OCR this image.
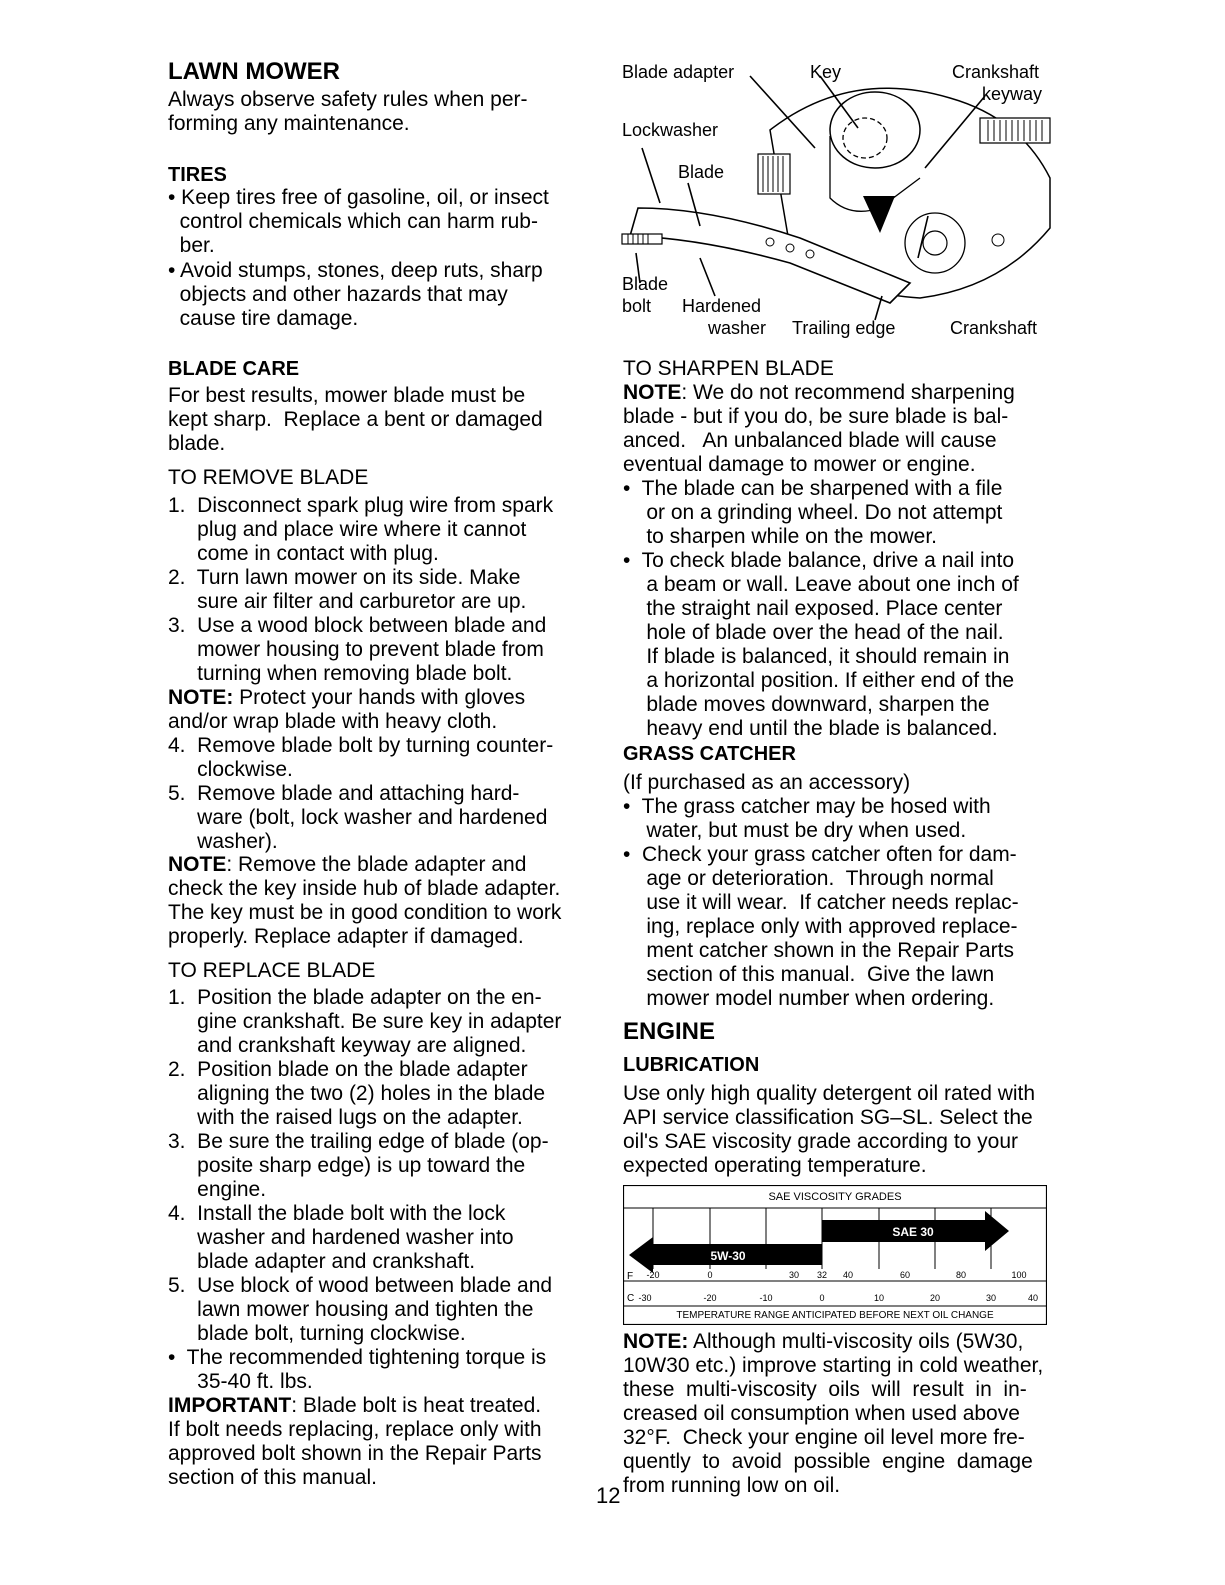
LAWN MOWER
Always observe safety rules when per-
forming any maintenance.
TIRES
• Keep tires free of gasoline, oil, or insect
control chemicals which can harm rub-
ber.
• Avoid stumps, stones, deep ruts, sharp
objects and other hazards that may
cause tire damage.
BLADE CARE
For best results, mower blade must be
kept sharp.  Replace a bent or damaged
blade.
TO REMOVE BLADE
1.  Disconnect spark plug wire from spark
plug and place wire where it cannot
come in contact with plug.
2.  Turn lawn mower on its side. Make
sure air filter and carburetor are up.
3.  Use a wood block between blade and
mower housing to prevent blade from
turning when removing blade bolt.
NOTE: Protect your hands with gloves
and/or wrap blade with heavy cloth.
4.  Remove blade bolt by turning counter-
clockwise.
5.  Remove blade and attaching hard-
ware (bolt, lock washer and hardened
washer).
NOTE: Remove the blade adapter and
check the key inside hub of blade adapter.
The key must be in good condition to work
properly. Replace adapter if damaged.
TO REPLACE BLADE
1.  Position the blade adapter on the en-
gine crankshaft. Be sure key in adapter
and crankshaft keyway are aligned.
2.  Position blade on the blade adapter
aligning the two (2) holes in the blade
with the raised lugs on the adapter.
3.  Be sure the trailing edge of blade (op-
posite sharp edge) is up toward the
engine.
4.  Install the blade bolt with the lock
washer and hardened washer into
blade adapter and crankshaft.
5.  Use block of wood between blade and
lawn mower housing and tighten the
blade bolt, turning clockwise.
•  The recommended tightening torque is
35-40 ft. lbs.
IMPORTANT: Blade bolt is heat treated.
If bolt needs replacing, replace only with
approved bolt shown in the Repair Parts
section of this manual.
Blade adapter	Key	Crankshaft
keyway
Lockwasher
Blade
Blade
bolt Hardened
washer Trailing edge	Crankshaft
TO SHARPEN BLADE
NOTE: We do not recommend sharpening
blade - but if you do, be sure blade is bal-
anced.   An unbalanced blade will cause
eventual damage to mower or engine.
•  The blade can be sharpened with a file
or on a grinding wheel. Do not attempt
to sharpen while on the mower.
•  To check blade balance, drive a nail into
a beam or wall. Leave about one inch of
the straight nail exposed. Place center
hole of blade over the head of the nail.
If blade is balanced, it should remain in
a horizontal position. If either end of the
blade moves downward, sharpen the
heavy end until the blade is balanced.
GRASS CATCHER
(If purchased as an accessory)
•  The grass catcher may be hosed with
water, but must be dry when used.
•  Check your grass catcher often for dam-
age or deterioration.  Through normal
use it will wear.  If catcher needs replac-
ing, replace only with approved replace-
ment catcher shown in the Repair Parts
section of this manual.  Give the lawn
mower model number when ordering.
ENGINE
LUBRICATION
Use only high quality detergent oil rated with
API service classification SG–SL. Select the
oil's SAE viscosity grade according to your
expected operating temperature.
NOTE: Although multi-viscosity oils (5W30,
10W30 etc.) improve starting in cold weather,
these  multi-viscosity  oils  will  result  in  in-
creased oil consumption when used above
32°F.  Check your engine oil level more fre-
quently  to  avoid  possible  engine  damage
from running low on oil.
SAE VISCOSITY GRADES
SAE 30
5W-30
F -20	0	30 32 40	60	80	100
C -30	-20	-10	0	10	20	30	40
TEMPERATURE RANGE ANTICIPATED BEFORE NEXT OIL CHANGE
12
